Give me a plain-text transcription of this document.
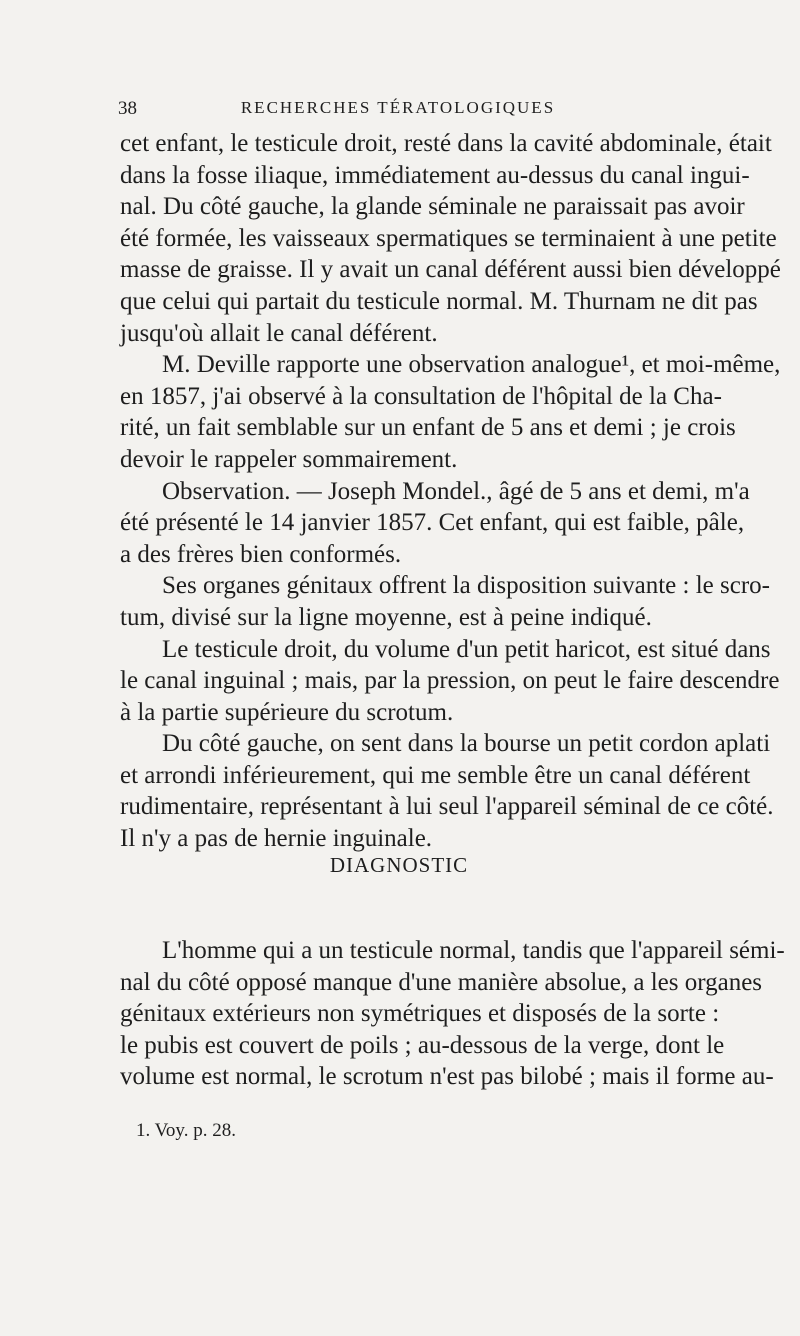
38	RECHERCHES TÉRATOLOGIQUES
cet enfant, le testicule droit, resté dans la cavité abdominale, était
dans la fosse iliaque, immédiatement au-dessus du canal ingui-
nal. Du côté gauche, la glande séminale ne paraissait pas avoir
été formée, les vaisseaux spermatiques se terminaient à une petite
masse de graisse. Il y avait un canal déférent aussi bien développé
que celui qui partait du testicule normal. M. Thurnam ne dit pas
jusqu'où allait le canal déférent.
M. Deville rapporte une observation analogue¹, et moi-même,
en 1857, j'ai observé à la consultation de l'hôpital de la Cha-
rité, un fait semblable sur un enfant de 5 ans et demi ; je crois
devoir le rappeler sommairement.
Observation. — Joseph Mondel., âgé de 5 ans et demi, m'a
été présenté le 14 janvier 1857. Cet enfant, qui est faible, pâle,
a des frères bien conformés.
Ses organes génitaux offrent la disposition suivante : le scro-
tum, divisé sur la ligne moyenne, est à peine indiqué.
Le testicule droit, du volume d'un petit haricot, est situé dans
le canal inguinal ; mais, par la pression, on peut le faire descendre
à la partie supérieure du scrotum.
Du côté gauche, on sent dans la bourse un petit cordon aplati
et arrondi inférieurement, qui me semble être un canal déférent
rudimentaire, représentant à lui seul l'appareil séminal de ce côté.
Il n'y a pas de hernie inguinale.
DIAGNOSTIC
L'homme qui a un testicule normal, tandis que l'appareil sémi-
nal du côté opposé manque d'une manière absolue, a les organes
génitaux extérieurs non symétriques et disposés de la sorte :
le pubis est couvert de poils ; au-dessous de la verge, dont le
volume est normal, le scrotum n'est pas bilobé ; mais il forme au-
1. Voy. p. 28.
